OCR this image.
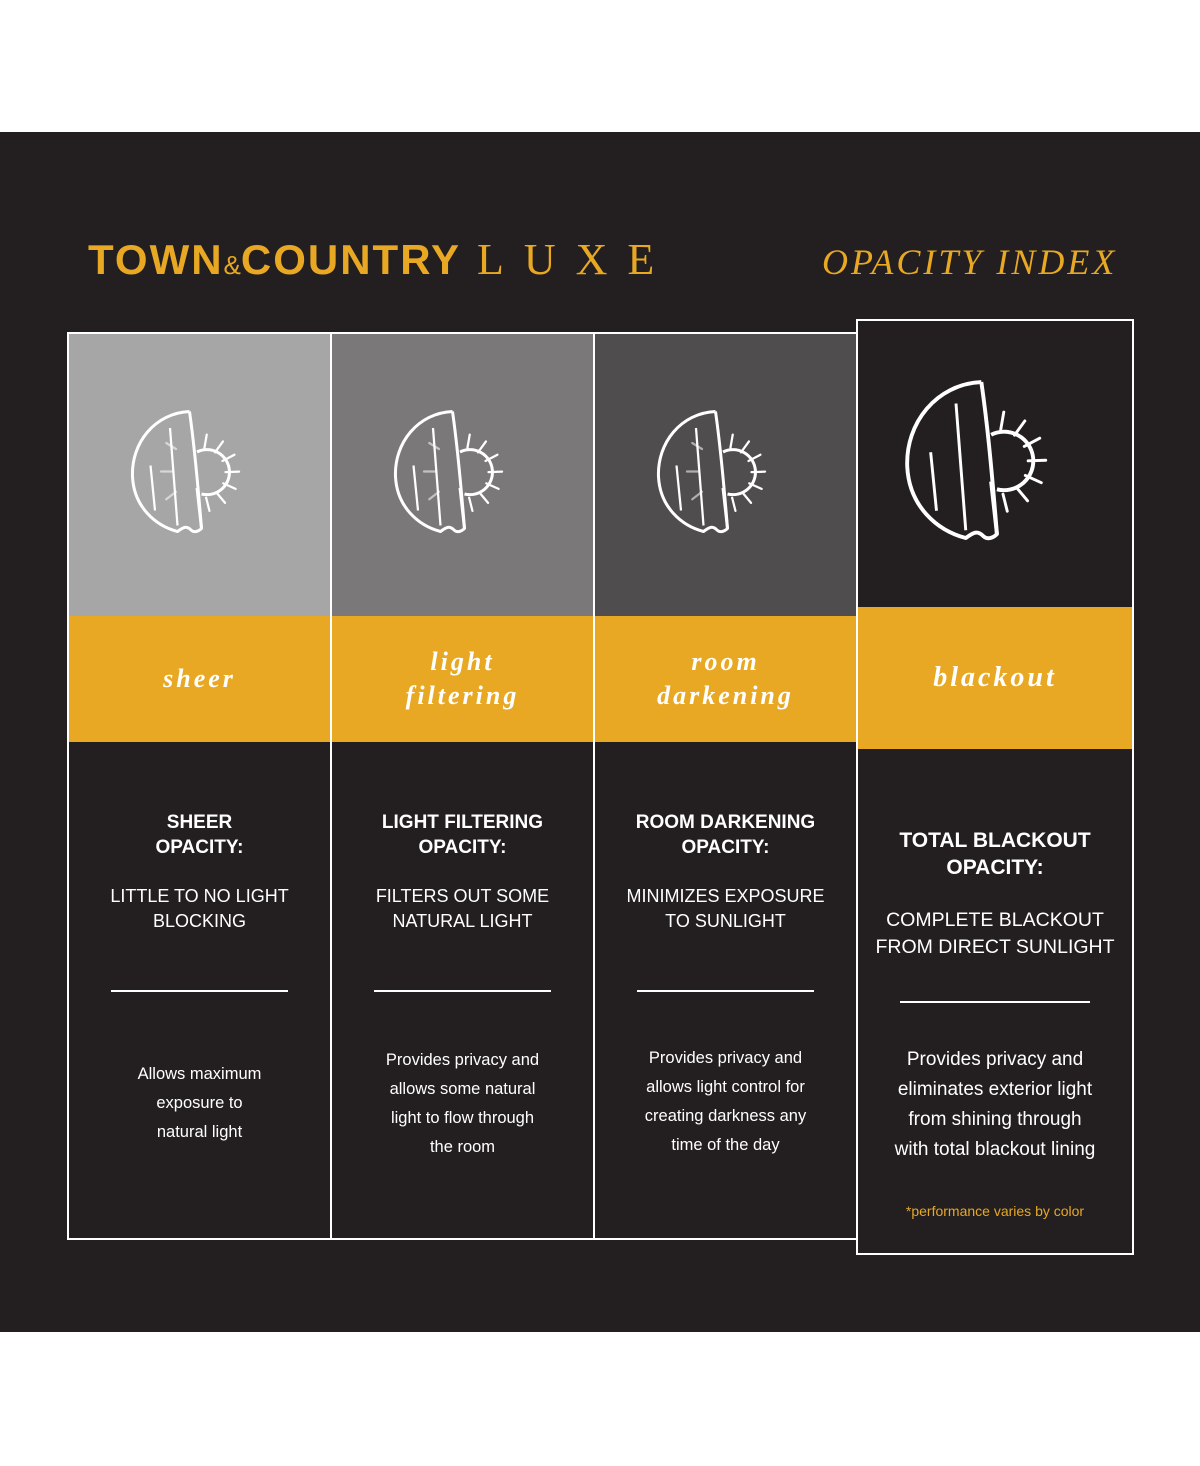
TOWN&COUNTRY LUXE	OPACITY INDEX
sheer
SHEER
OPACITY:
LITTLE TO NO LIGHT
BLOCKING
Allows maximum
exposure to
natural light
light filtering
LIGHT FILTERING
OPACITY:
FILTERS OUT SOME
NATURAL LIGHT
Provides privacy and
allows some natural
light to flow through
the room
room darkening
ROOM DARKENING
OPACITY:
MINIMIZES EXPOSURE
TO SUNLIGHT
Provides privacy and
allows light control for
creating darkness any
time of the day
blackout
TOTAL BLACKOUT
OPACITY:
COMPLETE BLACKOUT
FROM DIRECT SUNLIGHT
Provides privacy and
eliminates exterior light
from shining through
with total blackout lining
*performance varies by color
